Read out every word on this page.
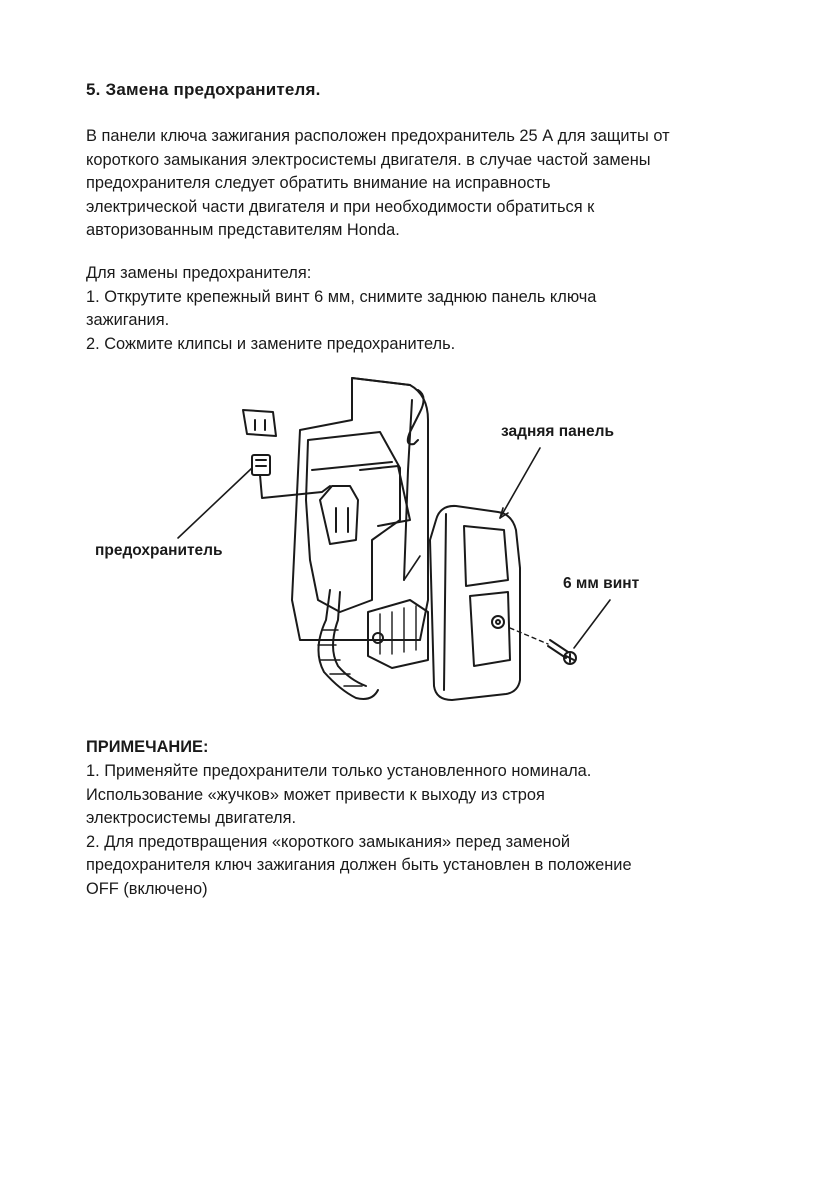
5. Замена предохранителя.

В панели ключа зажигания расположен предохранитель 25 А для защиты от
короткого замыкания электросистемы двигателя. в случае частой замены
предохранителя следует обратить внимание на исправность
электрической части двигателя и при необходимости обратиться к
авторизованным представителям Honda.

Для замены предохранителя:
1. Открутите крепежный винт 6 мм, снимите заднюю панель ключа
зажигания.
2. Сожмите клипсы и замените предохранитель.

задняя панель
предохранитель
6 мм винт
ПРИМЕЧАНИЕ:

1. Применяйте предохранители только установленного номинала.
Использование «жучков» может привести к выходу из строя
электросистемы двигателя.
2. Для предотвращения «короткого замыкания» перед заменой
предохранителя ключ зажигания должен быть установлен в положение
OFF (включено)
